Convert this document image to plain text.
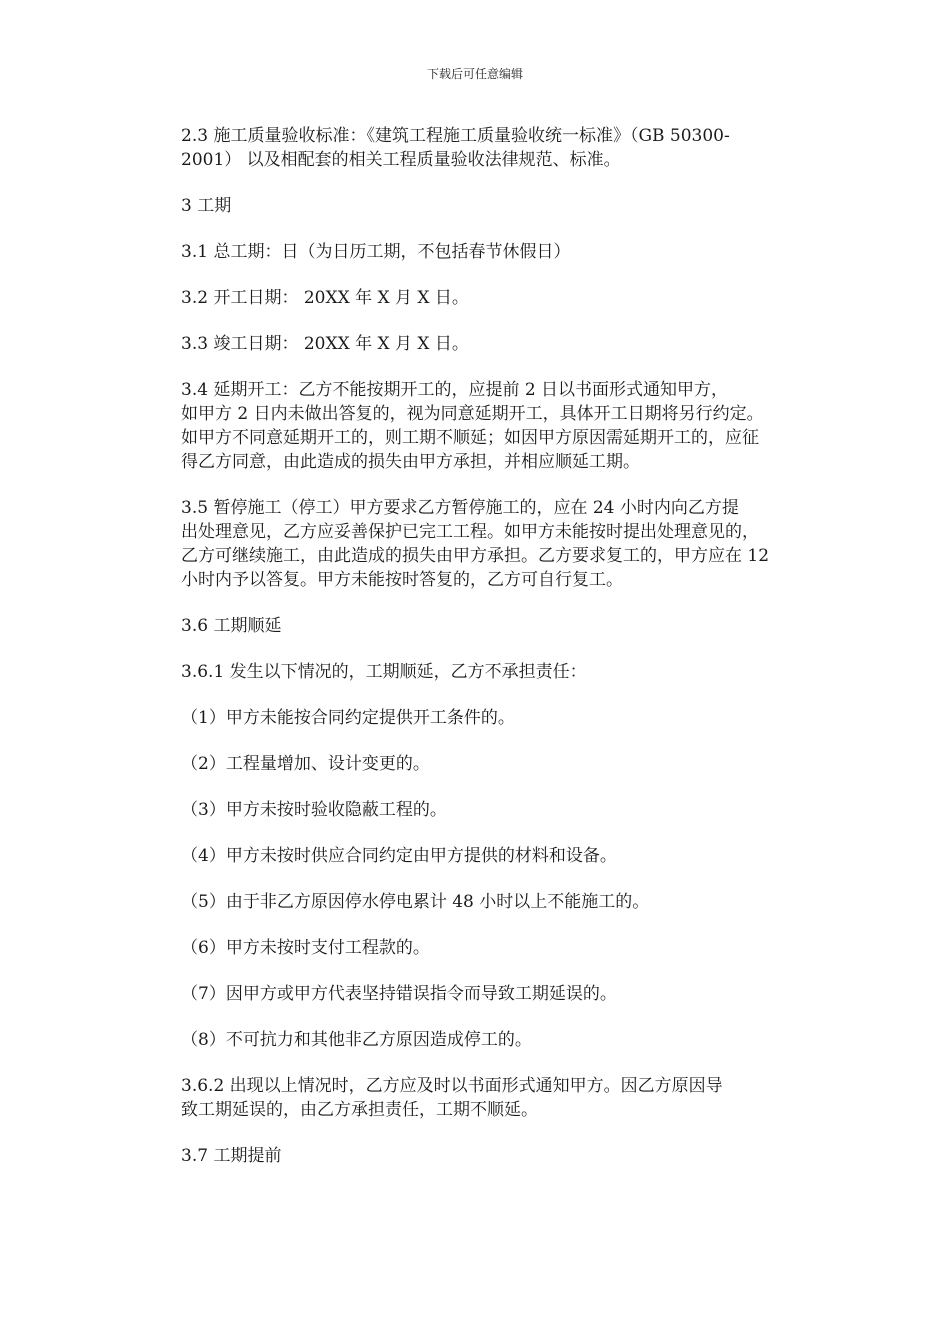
下载后可任意编辑

2.3 施工质量验收标准：《建筑工程施工质量验收统一标准》（GB 50300-
2001） 以及相配套的相关工程质量验收法律规范、标准。

3 工期

3.1 总工期：日（为日历工期，不包括春节休假日）

3.2 开工日期： 20XX 年 X 月 X 日。

3.3 竣工日期： 20XX 年 X 月 X 日。

3.4 延期开工：乙方不能按期开工的，应提前 2 日以书面形式通知甲方，
如甲方 2 日内未做出答复的，视为同意延期开工，具体开工日期将另行约定。
如甲方不同意延期开工的，则工期不顺延；如因甲方原因需延期开工的，应征
得乙方同意，由此造成的损失由甲方承担，并相应顺延工期。

3.5 暂停施工（停工）甲方要求乙方暂停施工的，应在 24 小时内向乙方提
出处理意见，乙方应妥善保护已完工工程。如甲方未能按时提出处理意见的，
乙方可继续施工，由此造成的损失由甲方承担。乙方要求复工的，甲方应在 12
小时内予以答复。甲方未能按时答复的，乙方可自行复工。

3.6 工期顺延

3.6.1 发生以下情况的，工期顺延，乙方不承担责任：

（1）甲方未能按合同约定提供开工条件的。

（2）工程量增加、设计变更的。

（3）甲方未按时验收隐蔽工程的。

（4）甲方未按时供应合同约定由甲方提供的材料和设备。

（5）由于非乙方原因停水停电累计 48 小时以上不能施工的。

（6）甲方未按时支付工程款的。

（7）因甲方或甲方代表坚持错误指令而导致工期延误的。

（8）不可抗力和其他非乙方原因造成停工的。

3.6.2 出现以上情况时，乙方应及时以书面形式通知甲方。因乙方原因导
致工期延误的，由乙方承担责任，工期不顺延。

3.7 工期提前
